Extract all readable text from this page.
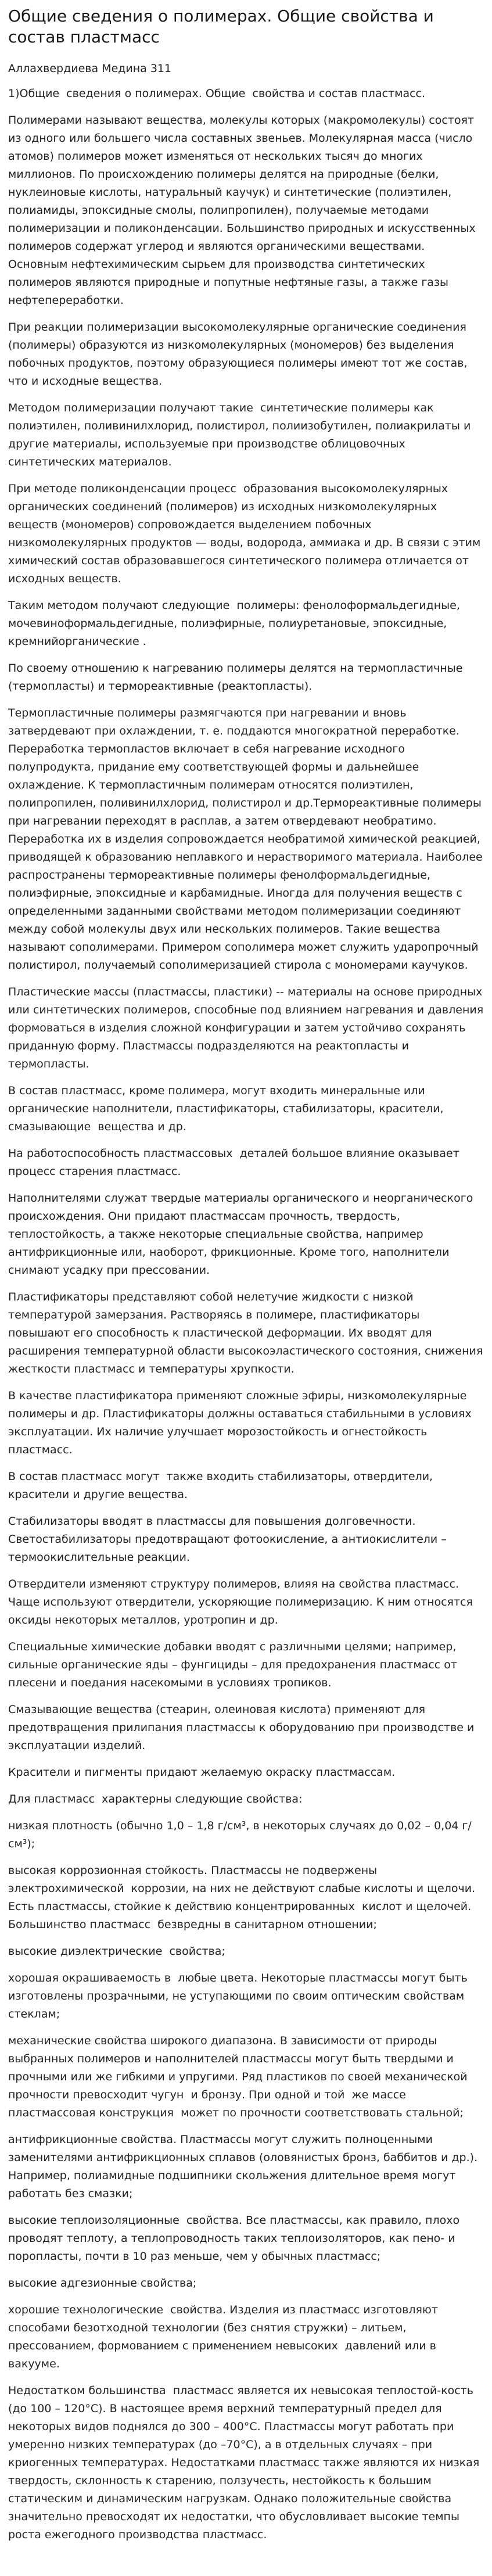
Общие сведения о полимерах. Общие свойства и состав пластмасс
Аллахвердиева Медина 311

1)Общие  сведения о полимерах. Общие  свойства и состав пластмасс.

Полимерами называют вещества, молекулы которых (макромолекулы) состоят из одного или большего числа составных звеньев. Молекулярная масса (число атомов) полимеров может изменяться от нескольких тысяч до многих миллионов. По происхождению полимеры делятся на природные (белки, нуклеиновые кислоты, натуральный каучук) и синтетические (полиэтилен, полиамиды, эпоксидные смолы, полипропилен), получаемые методами полимеризации и поликонденсации. Большинство природных и искусственных полимеров содержат углерод и являются органическими веществами. Основным нефтехимическим сырьем для производства синтетических полимеров являются природные и попутные нефтяные газы, а также газы нефтепереработки.

При реакции полимеризации высокомолекулярные органические соединения (полимеры) образуются из низкомолекулярных (мономеров) без выделения побочных продуктов, поэтому образующиеся полимеры имеют тот же состав, что и исходные вещества.

Методом полимеризации получают такие  синтетические полимеры как полиэтилен, поливинилхлорид, полистирол, полиизобутилен, полиакрилаты и другие материалы, используемые при производстве облицовочных синтетических материалов.

При методе поликонденсации процесс  образования высокомолекулярных органических соединений (полимеров) из исходных низкомолекулярных веществ (мономеров) сопровождается выделением побочных низкомолекулярных продуктов — воды, водорода, аммиака и др. В связи с этим химический состав образовавшегося синтетического полимера отличается от исходных веществ.

Таким методом получают следующие  полимеры: фенолоформальдегидные, мочевиноформальдегидные, полиэфирные, полиуретановые, эпоксидные, кремнийорганические .

По своему отношению к нагреванию полимеры делятся на термопластичные (термопласты) и термореактивные (реактопласты).

Термопластичные полимеры размягчаются при нагревании и вновь затвердевают при охлаждении, т. е. поддаются многократной переработке. Переработка термопластов включает в себя нагревание исходного полупродукта, придание ему соответствующей формы и дальнейшее охлаждение. К термопластичным полимерам относятся полиэтилен, полипропилен, поливинилхлорид, полистирол и др.Термореактивные полимеры при нагревании переходят в расплав, а затем отвердевают необратимо. Переработка их в изделия сопровождается необратимой химической реакцией, приводящей к образованию неплавкого и нерастворимого материала. Наиболее распространены термореактивные полимеры фенолформальдегидные, полиэфирные, эпоксидные и карбамидные. Иногда для получения веществ с определенными заданными свойствами методом полимеризации соединяют между собой молекулы двух или нескольких полимеров. Такие вещества называют сополимерами. Примером сополимера может служить ударопрочный полистирол, получаемый сополимеризацией стирола с мономерами каучуков.

Пластические массы (пластмассы, пластики) -- материалы на основе природных или синтетических полимеров, способные под влиянием нагревания и давления формоваться в изделия сложной конфигурации и затем устойчиво сохранять приданную форму. Пластмассы подразделяются на реактопласты и термопласты.

В состав пластмасс, кроме полимера, могут входить минеральные или органические наполнители, пластификаторы, стабилизаторы, красители, смазывающие  вещества и др.

На работоспособность пластмассовых  деталей большое влияние оказывает процесс старения пластмасс.

Наполнителями служат твердые материалы органического и неорганического происхождения. Они придают пластмассам прочность, твердость, теплостойкость, а также некоторые специальные свойства, например антифрикционные или, наоборот, фрикционные. Кроме того, наполнители снимают усадку при прессовании.

Пластификаторы представляют собой нелетучие жидкости с низкой температурой замерзания. Растворяясь в полимере, пластификаторы повышают его способность к пластической деформации. Их вводят для расширения температурной области высокоэластического состояния, снижения жесткости пластмасс и температуры хрупкости.

В качестве пластификатора применяют сложные эфиры, низкомолекулярные полимеры и др. Пластификаторы должны оставаться стабильными в условиях эксплуатации. Их наличие улучшает морозостойкость и огнестойкость пластмасс.

В состав пластмасс могут  также входить стабилизаторы, отвердители, красители и другие вещества.

Стабилизаторы вводят в пластмассы для повышения долговечности. Светостабилизаторы предотвращают фотоокисление, а антиокислители – термоокислительные реакции.

Отвердители изменяют структуру полимеров, влияя на свойства пластмасс. Чаще используют отвердители, ускоряющие полимеризацию. К ним относятся оксиды некоторых металлов, уротропин и др.

Специальные химические добавки вводят с различными целями; например, сильные органические яды – фунгициды – для предохранения пластмасс от плесени и поедания насекомыми в условиях тропиков.

Смазывающие вещества (стеарин, олеиновая кислота) применяют для предотвращения прилипания пластмассы к оборудованию при производстве и эксплуатации изделий.

Красители и пигменты придают желаемую окраску пластмассам.

Для пластмасс  характерны следующие свойства:

низкая плотность (обычно 1,0 – 1,8 г/см³, в некоторых случаях до 0,02 – 0,04 г/см³);

высокая коррозионная стойкость. Пластмассы не подвержены электрохимической  коррозии, на них не действуют слабые кислоты и щелочи. Есть пластмассы, стойкие к действию концентрированных  кислот и щелочей. Большинство пластмасс  безвредны в санитарном отношении;

высокие диэлектрические  свойства;

хорошая окрашиваемость в  любые цвета. Некоторые пластмассы могут быть изготовлены прозрачными, не уступающими по своим оптическим свойствам стеклам;

механические свойства широкого диапазона. В зависимости от природы выбранных полимеров и наполнителей пластмассы могут быть твердыми и прочными или же гибкими и упругими. Ряд пластиков по своей механической прочности превосходит чугун  и бронзу. При одной и той  же массе пластмассовая конструкция  может по прочности соответствовать стальной;

антифрикционные свойства. Пластмассы могут служить полноценными заменителями антифрикционных сплавов (оловянистых бронз, баббитов и др.). Например, полиамидные подшипники скольжения длительное время могут работать без смазки;

высокие теплоизоляционные  свойства. Все пластмассы, как правило, плохо проводят теплоту, а теплопроводность таких теплоизоляторов, как пено- и поропласты, почти в 10 раз меньше, чем у обычных пластмасс;

высокие адгезионные свойства;

хорошие технологические  свойства. Изделия из пластмасс изготовляют способами безотходной технологии (без снятия стружки) – литьем, прессованием, формованием с применением невысоких  давлений или в вакууме.

Недостатком большинства  пластмасс является их невысокая теплостой-кость (до 100 – 120°С). В настоящее время верхний температурный предел для некоторых видов поднялся до 300 – 400°С. Пластмассы могут работать при умеренно низких температурах (до –70°С), а в отдельных случаях – при криогенных температурах. Недостатками пластмасс также являются их низкая твердость, склонность к старению, ползучесть, нестойкость к большим статическим и динамическим нагрузкам. Однако положительные свойства значительно превосходят их недостатки, что обусловливает высокие темпы роста ежегодного производства пластмасс.
